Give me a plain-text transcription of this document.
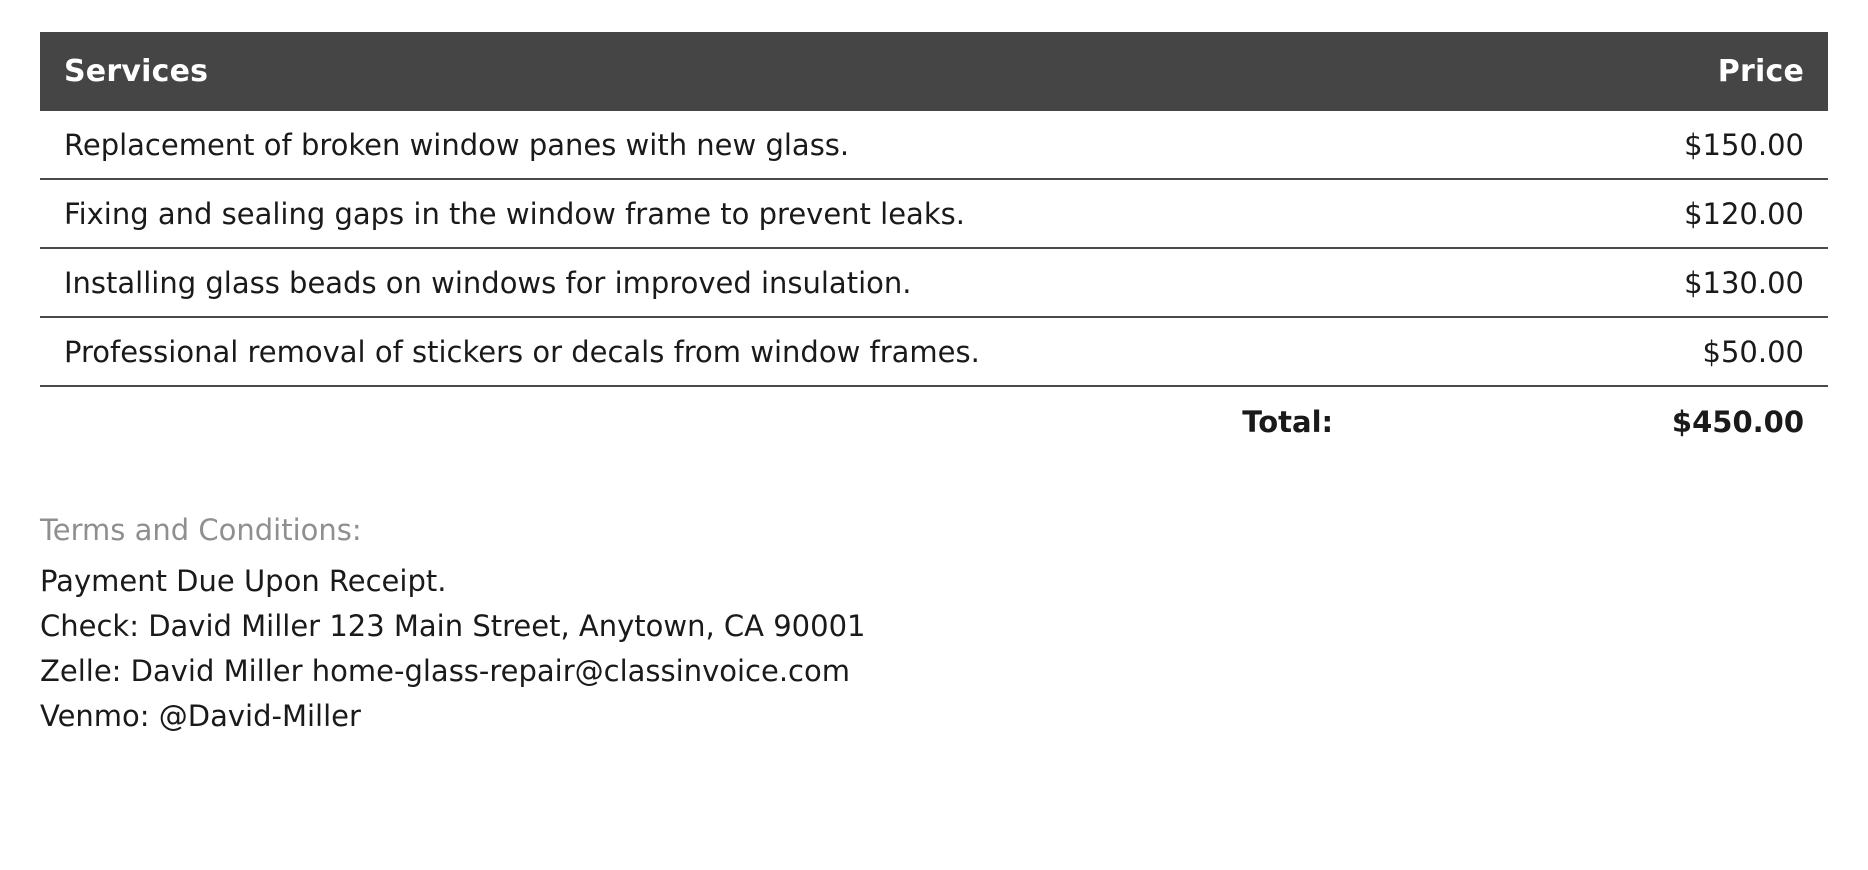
Services	Price
Replacement of broken window panes with new glass.	$150.00
Fixing and sealing gaps in the window frame to prevent leaks.	$120.00
Installing glass beads on windows for improved insulation.	$130.00
Professional removal of stickers or decals from window frames.	$50.00
Total:	$450.00
Terms and Conditions:
Payment Due Upon Receipt.
Check: David Miller 123 Main Street, Anytown, CA 90001
Zelle: David Miller home-glass-repair@classinvoice.com
Venmo: @David-Miller
